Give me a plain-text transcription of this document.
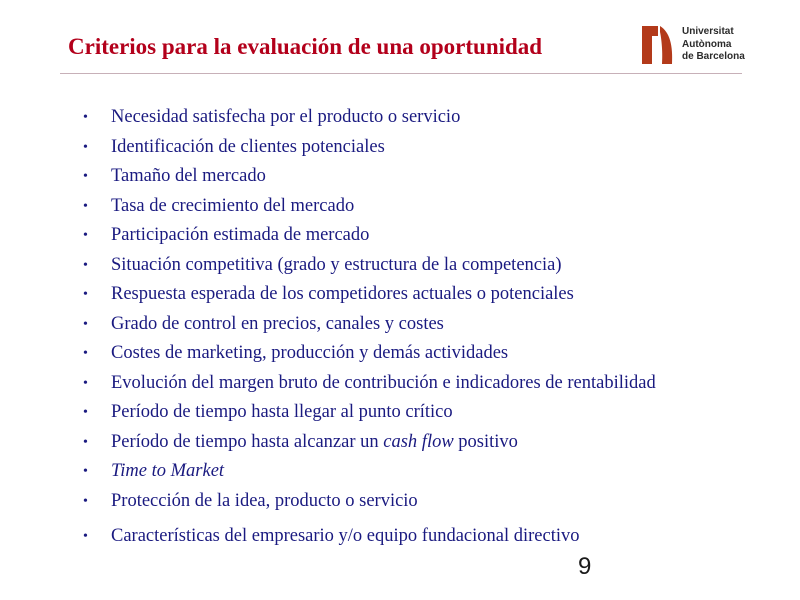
Criterios para la evaluación de una oportunidad
Universitat
Autònoma
de Barcelona
• Necesidad satisfecha por el producto o servicio
• Identificación de clientes potenciales
• Tamaño del mercado
• Tasa de crecimiento del mercado
• Participación estimada de mercado
• Situación competitiva (grado y estructura de la competencia)
• Respuesta esperada de los competidores actuales o potenciales
• Grado de control en precios, canales y costes
• Costes de marketing, producción y demás actividades
• Evolución del margen bruto de contribución e indicadores de rentabilidad
• Período de tiempo hasta llegar al punto crítico
• Período de tiempo hasta alcanzar un cash flow positivo
• Time to Market
• Protección de la idea, producto o servicio
• Características del empresario y/o equipo fundacional directivo
9
